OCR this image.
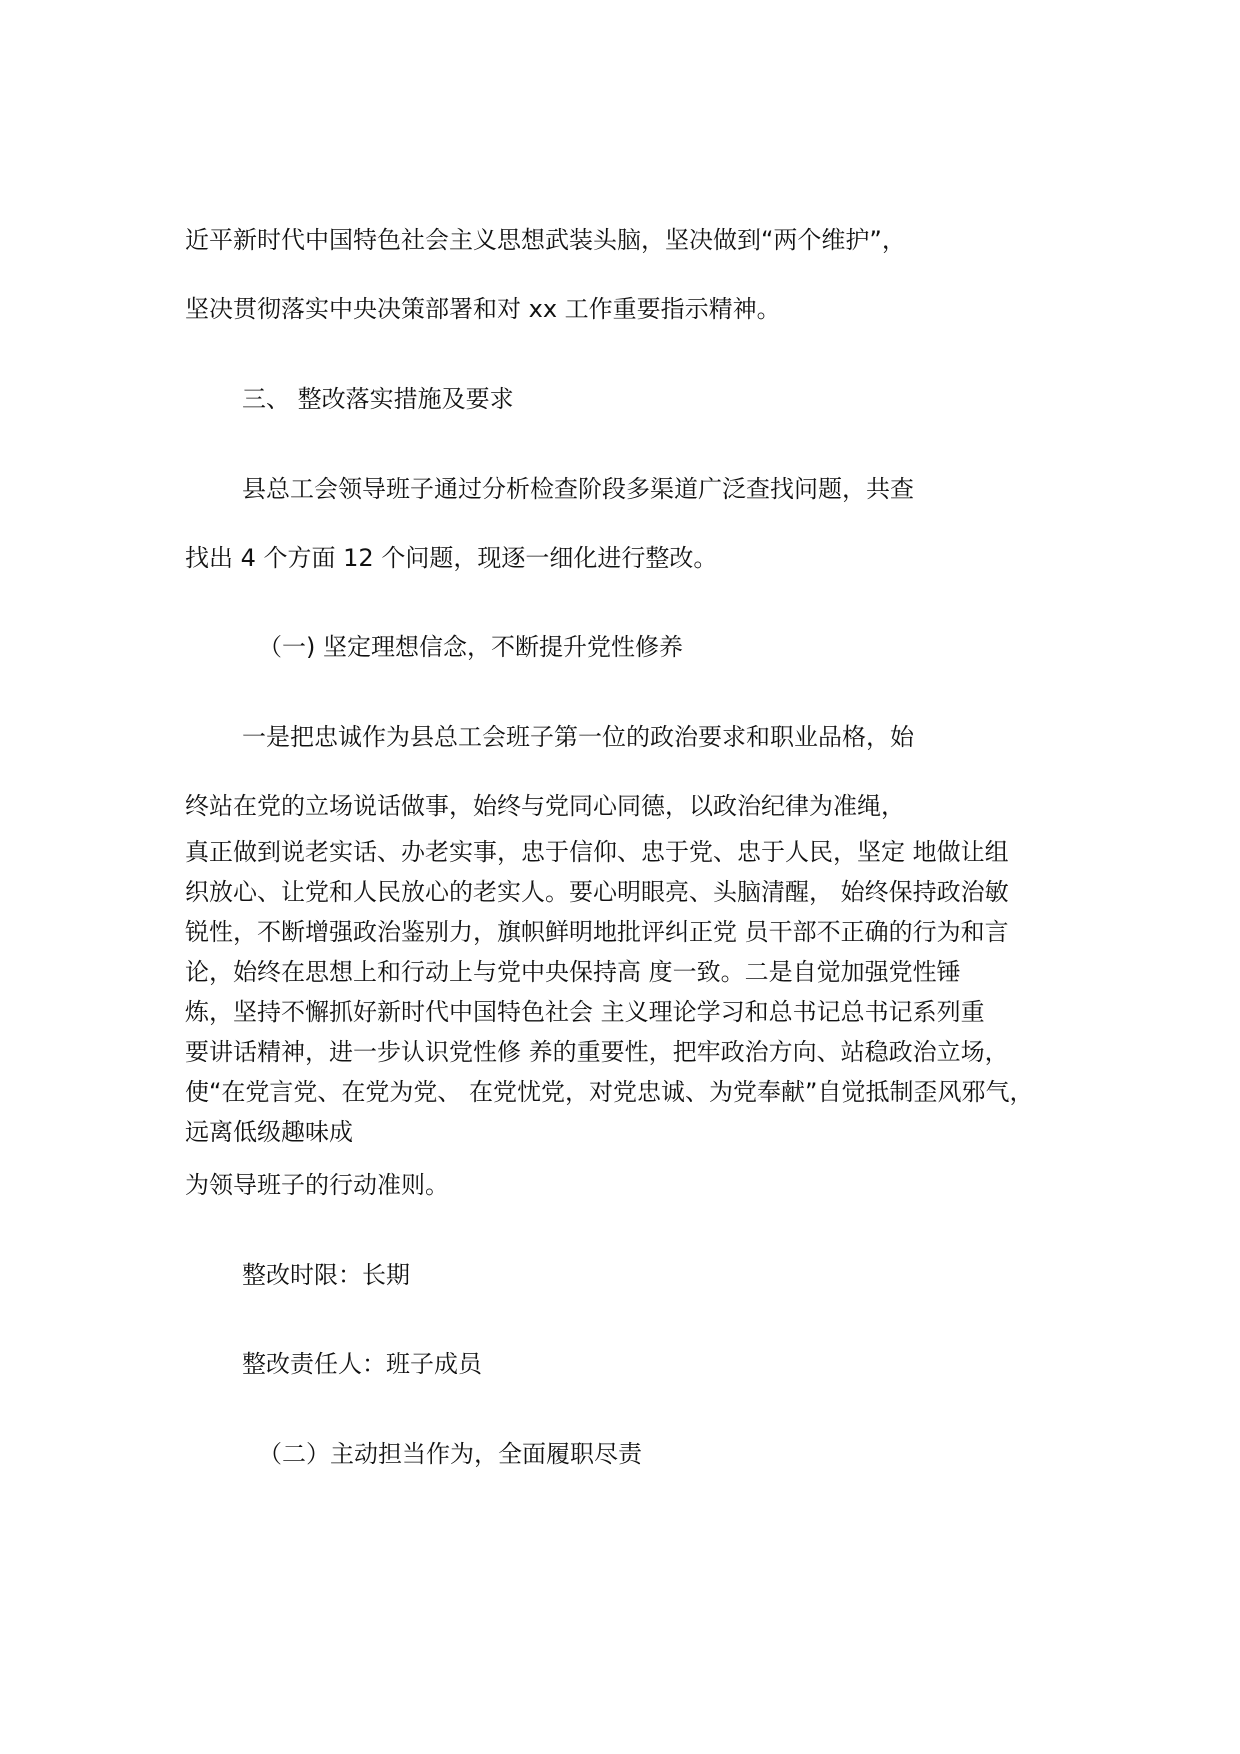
近平新时代中国特色社会主义思想武装头脑，坚决做到“两个维护”，

坚决贯彻落实中央决策部署和对 xx 工作重要指示精神。

三、 整改落实措施及要求

县总工会领导班子通过分析检查阶段多渠道广泛查找问题，共查

找出 4 个方面 12 个问题，现逐一细化进行整改。

（一) 坚定理想信念，不断提升党性修养

一是把忠诚作为县总工会班子第一位的政治要求和职业品格，始

终站在党的立场说话做事，始终与党同心同德，以政治纪律为准绳，

真正做到说老实话、办老实事，忠于信仰、忠于党、忠于人民，坚定 地做让组

织放心、让党和人民放心的老实人。要心明眼亮、头脑清醒， 始终保持政治敏

锐性，不断增强政治鉴别力，旗帜鲜明地批评纠正党 员干部不正确的行为和言

论，始终在思想上和行动上与党中央保持高 度一致。二是自觉加强党性锤

炼，坚持不懈抓好新时代中国特色社会 主义理论学习和总书记总书记系列重

要讲话精神，进一步认识党性修 养的重要性，把牢政治方向、站稳政治立场，

使“在党言党、在党为党、 在党忧党，对党忠诚、为党奉献”自觉抵制歪风邪气，

远离低级趣味成

为领导班子的行动准则。

整改时限：长期

整改责任人：班子成员

（二）主动担当作为，全面履职尽责
